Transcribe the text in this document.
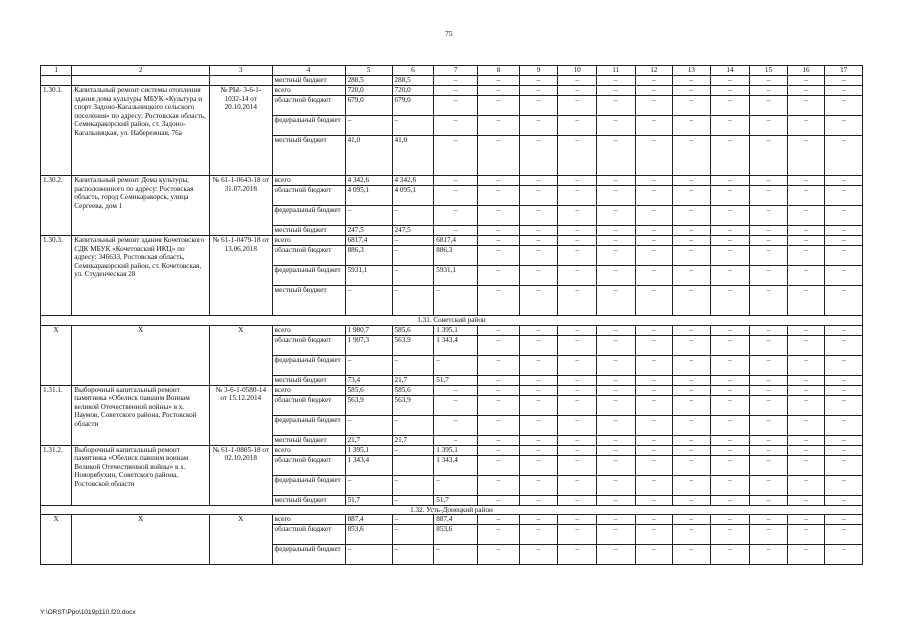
75
1	2	3	4	5	6	7	8	9	10	11	12	13	14	15	16	17
			местный бюджет	288,5	288,5	–	–	–	–	–	–	–	–	–	–	–
1.30.1.	Капитальный ремонт системы отопления здания дома культуры МБУК «Культура и спорт Задоно-Кагальницкого сельского поселения» по адресу: Ростовская область, Семикаракорский район, ст. Задоно-Кагальницкая, ул. Набережная, 76а	№ РЫ- 3-6-1-1032-14 от 20.10.2014	всего	720,0	720,0	–	–	–	–	–	–	–	–	–	–	–
			областной бюджет	679,0	679,0	–	–	–	–	–	–	–	–	–	–	–
			федеральный бюджет	–	–	–	–	–	–	–	–	–	–	–	–	–
			местный бюджет	41,0	41,0	–	–	–	–	–	–	–	–	–	–	–
1.30.2.	Капитальный ремонт Дома культуры, расположенного по адресу: Ростовская область, город Семикаракорск, улица Сергеева, дом 1	№ 61-1-0643-18 от 31.07.2018	всего	4 342,6	4 342,6	–	–	–	–	–	–	–	–	–	–	–
			областной бюджет	4 095,1	4 095,1	–	–	–	–	–	–	–	–	–	–	–
			федеральный бюджет	–	–	–	–	–	–	–	–	–	–	–	–	–
			местный бюджет	247,5	247,5	–	–	–	–	–	–	–	–	–	–	–
1.30.3.	Капитальный ремонт здания Кочетовского СДК МБУК «Кочетовский ИКЦ» по адресу: 346633, Ростовская область, Семикаракорский район, ст. Кочетовская, ул. Студенческая 28	№ 61-1-0479-18 от 13.06.2018	всего	6817,4	–	6817,4	–	–	–	–	–	–	–	–	–	–
			областной бюджет	886,3	–	886,3	–	–	–	–	–	–	–	–	–	–
			федеральный бюджет	5931,1	–	5931,1	–	–	–	–	–	–	–	–	–	–
			местный бюджет	–	–	–	–	–	–	–	–	–	–	–	–	–
1.31. Советский район																
Х	Х	Х	всего	1 980,7	585,6	1 395,1	–	–	–	–	–	–	–	–	–	–
			областной бюджет	1 907,3	563,9	1 343,4	–	–	–	–	–	–	–	–	–	–
			федеральный бюджет	–	–	–	–	–	–	–	–	–	–	–	–	–
			местный бюджет	73,4	21,7	51,7	–	–	–	–	–	–	–	–	–	–
1.31.1.	Выборочный капитальный ремонт памятника «Обелиск павшим Воинам великой Отечественной войны» в х. Наумов, Советского района, Ростовской области	№ 3-6-1-0580-14 от 15.12.2014	всего	585,6	585,6	–	–	–	–	–	–	–	–	–	–	–
			областной бюджет	563,9	563,9	–	–	–	–	–	–	–	–	–	–	–
			федеральный бюджет	–	–	–	–	–	–	–	–	–	–	–	–	–
			местный бюджет	21,7	21,7	–	–	–	–	–	–	–	–	–	–	–
1.31.2.	Выборочный капитальный ремонт памятника «Обелиск павшим воинам Великой Отечественной войны» в х. Новорябухин, Советского района, Ростовской области	№ 61-1-0805-18 от 02.10.2018	всего	1 395,1	–	1 395,1	–	–	–	–	–	–	–	–	–	–
			областной бюджет	1 343,4		1 343,4	–	–	–	–	–	–	–	–	–	–
			федеральный бюджет	–	–	–	–	–	–	–	–	–	–	–	–	–
			местный бюджет	51,7	–	51,7	–	–	–	–	–	–	–	–	–	–
1.32. Усть-Донецкий район																
Х	Х	Х	всего	887,4	–	887,4	–	–	–	–	–	–	–	–	–	–
			областной бюджет	853,6	–	853,6	–	–	–	–	–	–	–	–	–	–
			федеральный бюджет	–	–	–	–	–	–	–	–	–	–	–	–	–
Y:\ORST\Ppo\1019p110.f20.docx
